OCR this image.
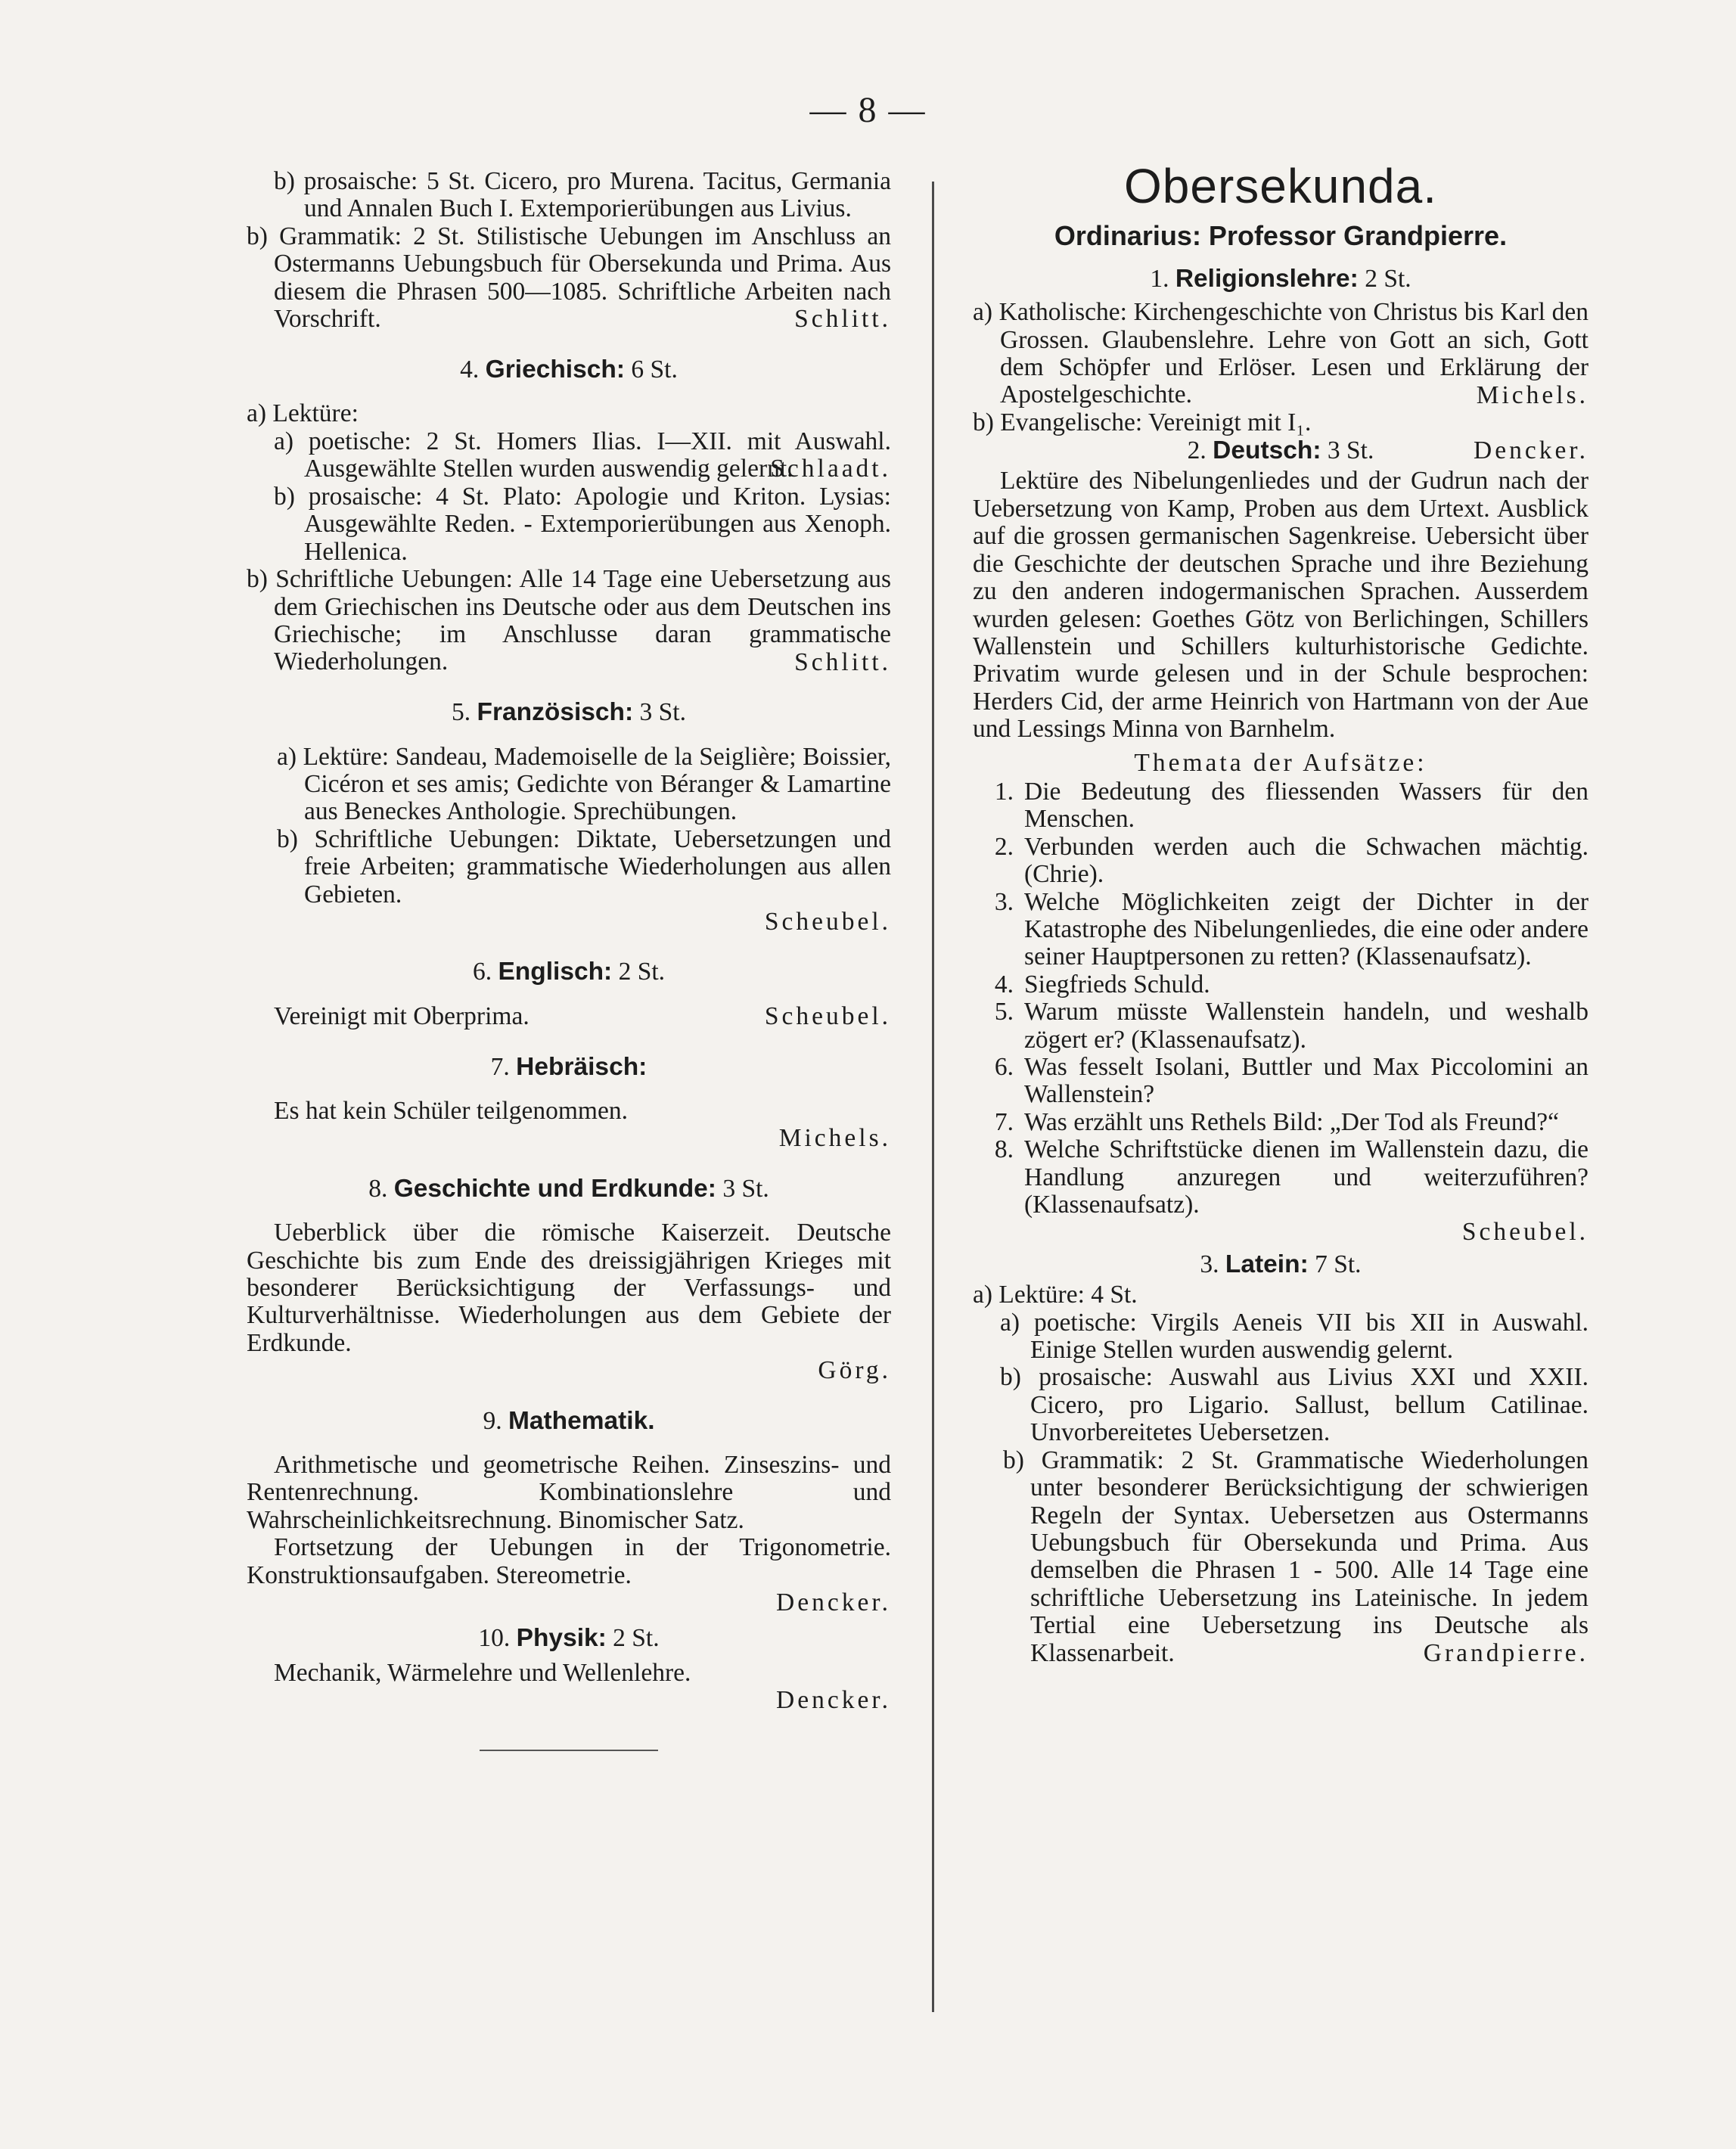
— 8 —

b) prosaische: 5 St. Cicero, pro Murena. Tacitus, Germania und Annalen Buch I. Extemporierübungen aus Livius.

b) Grammatik: 2 St. Stilistische Uebungen im Anschluss an Ostermanns Uebungsbuch für Obersekunda und Prima. Aus diesem die Phrasen 500—1085. Schriftliche Arbeiten nach Vorschrift.	Schlitt.

4. Griechisch: 6 St.

a) Lektüre:

a) poetische: 2 St. Homers Ilias. I—XII. mit Auswahl. Ausgewählte Stellen wurden auswendig gelernt.

Schlaadt.

b) prosaische: 4 St. Plato: Apologie und Kriton. Lysias: Ausgewählte Reden. - Extemporierübungen aus Xenoph. Hellenica.

b) Schriftliche Uebungen: Alle 14 Tage eine Uebersetzung aus dem Griechischen ins Deutsche oder aus dem Deutschen ins Griechische; im Anschlusse daran grammatische Wiederholungen.	Schlitt.

5. Französisch: 3 St.

a) Lektüre: Sandeau, Mademoiselle de la Seiglière; Boissier, Cicéron et ses amis; Gedichte von Béranger & Lamartine aus Beneckes Anthologie. Sprechübungen.

b) Schriftliche Uebungen: Diktate, Uebersetzungen und freie Arbeiten; grammatische Wiederholungen aus allen Gebieten.

Scheubel.

6. Englisch: 2 St.

Vereinigt mit Oberprima.	Scheubel.

7. Hebräisch:

Es hat kein Schüler teilgenommen.

Michels.

8. Geschichte und Erdkunde: 3 St.

Ueberblick über die römische Kaiserzeit. Deutsche Geschichte bis zum Ende des dreissigjährigen Krieges mit besonderer Berücksichtigung der Verfassungs- und Kulturverhältnisse. Wiederholungen aus dem Gebiete der Erdkunde.

Görg.

9. Mathematik.

Arithmetische und geometrische Reihen. Zinseszins- und Rentenrechnung. Kombinationslehre und Wahrscheinlichkeitsrechnung. Binomischer Satz.

Fortsetzung der Uebungen in der Trigonometrie. Konstruktionsaufgaben. Stereometrie.

Dencker.

10. Physik: 2 St.

Mechanik, Wärmelehre und Wellenlehre.

Dencker.

Obersekunda.
Ordinarius: Professor Grandpierre.
1. Religionslehre: 2 St.

a) Katholische: Kirchengeschichte von Christus bis Karl den Grossen. Glaubenslehre. Lehre von Gott an sich, Gott dem Schöpfer und Erlöser. Lesen und Erklärung der Apostelgeschichte.	Michels.

b) Evangelische: Vereinigt mit I₁.

Dencker.

2. Deutsch: 3 St.

Lektüre des Nibelungenliedes und der Gudrun nach der Uebersetzung von Kamp, Proben aus dem Urtext. Ausblick auf die grossen germanischen Sagenkreise. Uebersicht über die Geschichte der deutschen Sprache und ihre Beziehung zu den anderen indogermanischen Sprachen. Ausserdem wurden gelesen: Goethes Götz von Berlichingen, Schillers Wallenstein und Schillers kulturhistorische Gedichte. Privatim wurde gelesen und in der Schule besprochen: Herders Cid, der arme Heinrich von Hartmann von der Aue und Lessings Minna von Barnhelm.

Themata der Aufsätze:

1. Die Bedeutung des fliessenden Wassers für den Menschen.
2. Verbunden werden auch die Schwachen mächtig. (Chrie).
3. Welche Möglichkeiten zeigt der Dichter in der Katastrophe des Nibelungenliedes, die eine oder andere seiner Hauptpersonen zu retten? (Klassenaufsatz).
4. Siegfrieds Schuld.
5. Warum müsste Wallenstein handeln, und weshalb zögert er? (Klassenaufsatz).
6. Was fesselt Isolani, Buttler und Max Piccolomini an Wallenstein?
7. Was erzählt uns Rethels Bild: „Der Tod als Freund?“
8. Welche Schriftstücke dienen im Wallenstein dazu, die Handlung anzuregen und weiterzuführen? (Klassenaufsatz).

Scheubel.

3. Latein: 7 St.

a) Lektüre: 4 St.

a) poetische: Virgils Aeneis VII bis XII in Auswahl. Einige Stellen wurden auswendig gelernt.

b) prosaische: Auswahl aus Livius XXI und XXII. Cicero, pro Ligario. Sallust, bellum Catilinae. Unvorbereitetes Uebersetzen.

b) Grammatik: 2 St. Grammatische Wiederholungen unter besonderer Berücksichtigung der schwierigen Regeln der Syntax. Uebersetzen aus Ostermanns Uebungsbuch für Obersekunda und Prima. Aus demselben die Phrasen 1 - 500. Alle 14 Tage eine schriftliche Uebersetzung ins Lateinische. In jedem Tertial eine Uebersetzung ins Deutsche als Klassenarbeit.	Grandpierre.
